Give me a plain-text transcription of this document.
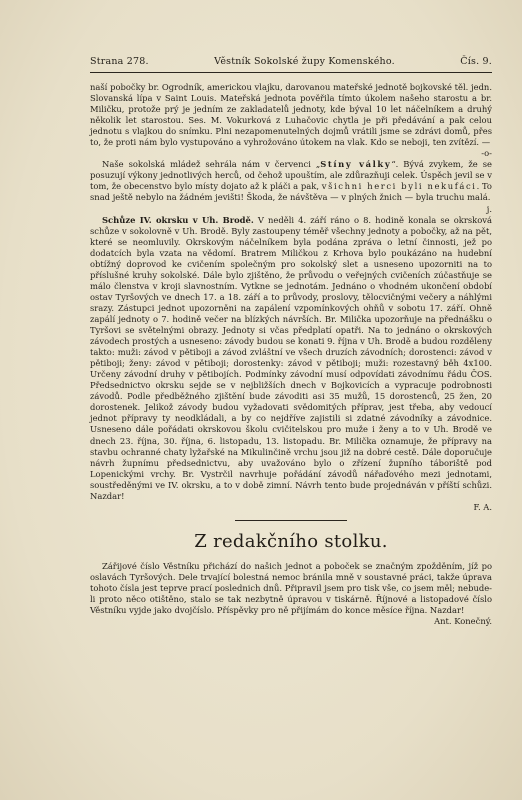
Strana 278.	Věstník Sokolské župy Komenského.	Čís. 9.

naší pobočky br. Ogrodník, americkou vlajku, darovanou mateřské jednotě bojkovské těl. jedn. Slovanská lípa v Saint Louis. Mateřská jednota pověřila tímto úkolem našeho starostu a br. Miličku, protože prý je jedním ze zakladatelů jednoty, kde býval 10 let náčelníkem a druhý několik let starostou. Ses. M. Vokurková z Luhačovic chytla je při předávání a pak celou jednotu s vlajkou do snímku. Plni nezapomenutelných dojmů vrátili jsme se zdrávi domů, přes to, že proti nám bylo vystupováno a vyhrožováno útokem na vlak. Kdo se neboji, ten zvítězí. —

-o-

Naše sokolská mládež sehrála nám v červenci „Stíny války“. Bývá zvykem, že se posuzují výkony jednotlivých herců, od čehož upouštím, ale zdůrazňuji celek. Úspěch jevil se v tom, že obecenstvo bylo místy dojato až k pláči a pak, všichni herci byli nekufáci. To snad ještě nebylo na žádném jevišti! Škoda, že návštěva — v plných žnich — byla truchu malá.

j.

Schůze IV. okrsku v Uh. Brodě. V neděli 4. září ráno o 8. hodině konala se okrsková schůze v sokolovně v Uh. Brodě. Byly zastoupeny téměř všechny jednoty a pobočky, až na pět, které se neomluvily. Okrskovým náčelníkem byla podána zpráva o letní činnosti, jež po dodatcích byla vzata na vědomí. Bratrem Miličkou z Krhova bylo poukázáno na hudební obtížný doprovod ke cvičením společným pro sokolský slet a usneseno upozorniti na to příslušné kruhy sokolské. Dále bylo zjištěno, že průvodu o veřejných cvičeních zúčastňuje se málo členstva v kroji slavnostním. Vytkne se jednotám. Jednáno o vhodném ukončení období ostav Tyršových ve dnech 17. a 18. září a to průvody, proslovy, tělocvičnými večery a náhlými srazy. Zástupci jednot upozorněni na zapálení vzpomínkových ohňů v sobotu 17. září. Ohně zapálí jednoty o 7. hodině večer na blízkých návrších. Br. Milička upozorňuje na přednášku o Tyršovi se světelnými obrazy. Jednoty si včas předplatí opatři. Na to jednáno o okrskových závodech prostých a usneseno: závody budou se konati 9. října v Uh. Brodě a budou rozděleny takto: muži: závod v pětiboji a závod zvláštní ve všech druzích závodních; dorostenci: závod v pětiboji; ženy: závod v pětiboji; dorostenky: závod v pětiboji; muži: rozestavný běh 4x100. Určeny závodní druhy v pětibojích. Podmínky závodní musí odpovídati závodnímu řádu ČOS. Předsednictvo okrsku sejde se v nejbližších dnech v Bojkovicích a vypracuje podrobnosti závodů. Podle předběžného zjištění bude závoditi asi 35 mužů, 15 dorostenců, 25 žen, 20 dorostenek. Jelikož závody budou vyžadovati svědomitých příprav, jest třeba, aby vedoucí jednot přípravy ty neodkládali, a by co nejdříve zajistili si zdatné závodníky a závodnice. Usneseno dále pořádati okrskovou školu cvičitelskou pro muže i ženy a to v Uh. Brodě ve dnech 23. října, 30. října, 6. listopadu, 13. listopadu. Br. Milička oznamuje, že přípravy na stavbu ochranné chaty lyžařské na Mikulinčině vrchu jsou již na dobré cestě. Dále doporučuje návrh župnímu předsednictvu, aby uvažováno bylo o zřízení župního táboriště pod Lopenickými vrchy. Br. Vystrčil navrhuje pořádání závodů nářaďového mezi jednotami, soustředěnými ve IV. okrsku, a to v době zimní. Návrh tento bude projednáván v příští schůzi. Nazdar!

F. A.

Z redakčního stolku.

Zářijové číslo Věstníku přichází do našich jednot a poboček se značným zpožděním, jíž po oslavách Tyršových. Dele trvající bolestná nemoc bránila mně v soustavné práci, takže úprava tohoto čísla jest teprve prací poslednich dnů. Připravil jsem pro tisk vše, co jsem měl; nebude-li proto něco otištěno, stalo se tak nezbytně úpravou v tiskárně. Říjnové a listopadové číslo Věstníku vyjde jako dvojčíslo. Příspěvky pro ně přijímám do konce měsíce října. Nazdar!

Ant. Konečný.
